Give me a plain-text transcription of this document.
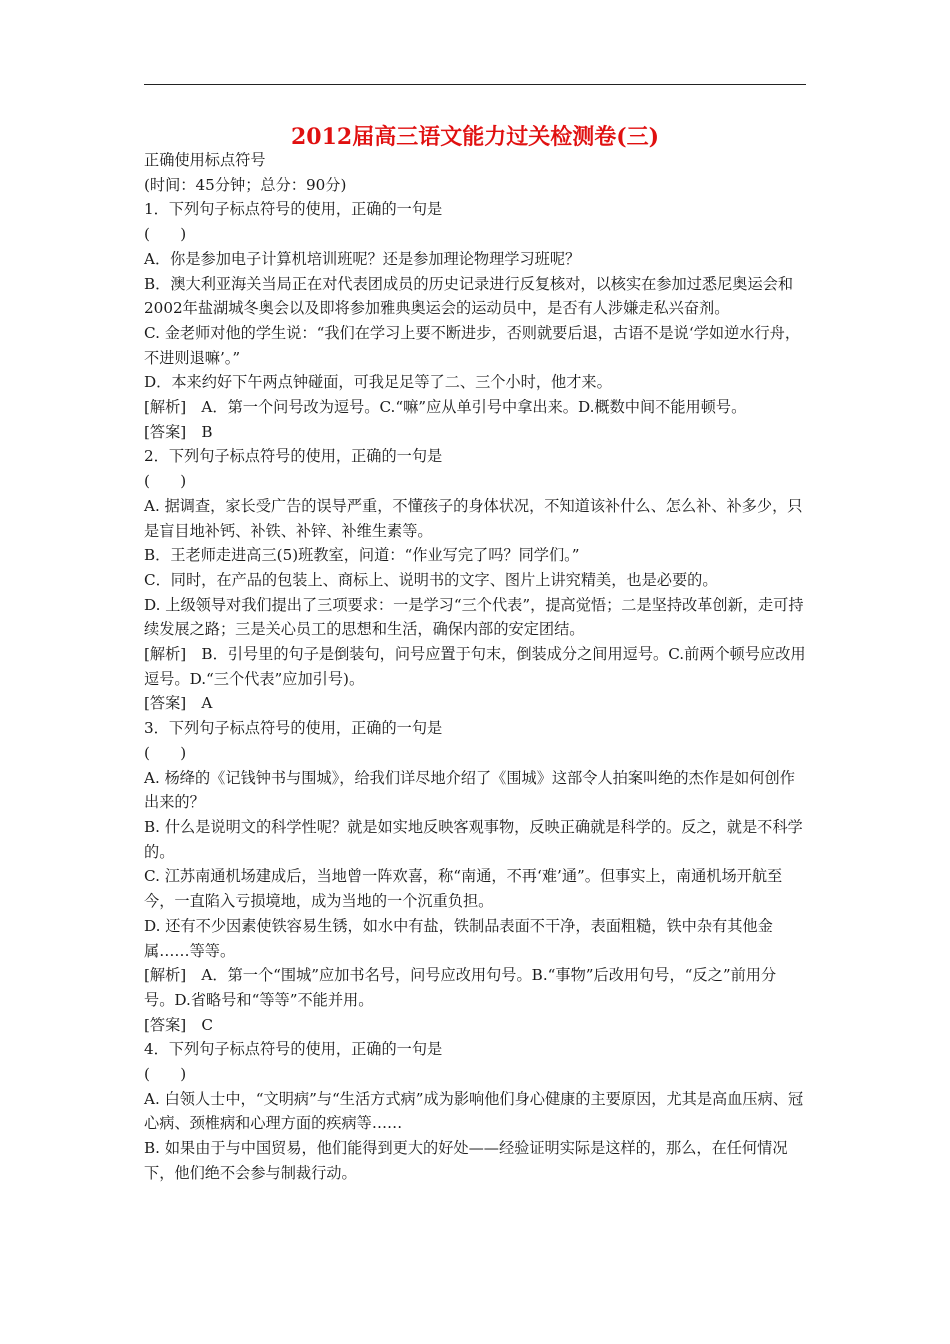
2012届高三语文能力过关检测卷(三)

正确使用标点符号

(时间：45分钟；总分：90分)

1．下列句子标点符号的使用，正确的一句是

(　　)

A．你是参加电子计算机培训班呢？还是参加理论物理学习班呢？

B．澳大利亚海关当局正在对代表团成员的历史记录进行反复核对，以核实在参加过悉尼奥运会和2002年盐湖城冬奥会以及即将参加雅典奥运会的运动员中，是否有人涉嫌走私兴奋剂。

C. 金老师对他的学生说：“我们在学习上要不断进步，否则就要后退，古语不是说‘学如逆水行舟，不进则退嘛’。”

D．本来约好下午两点钟碰面，可我足足等了二、三个小时，他才来。

[解析]　A．第一个问号改为逗号。C.“嘛”应从单引号中拿出来。D.概数中间不能用顿号。

[答案]　B

2．下列句子标点符号的使用，正确的一句是

(　　)

A. 据调查，家长受广告的误导严重，不懂孩子的身体状况，不知道该补什么、怎么补、补多少，只是盲目地补钙、补铁、补锌、补维生素等。

B．王老师走进高三(5)班教室，问道：“作业写完了吗？同学们。”

C．同时，在产品的包装上、商标上、说明书的文字、图片上讲究精美，也是必要的。

D. 上级领导对我们提出了三项要求：一是学习“三个代表”，提高觉悟；二是坚持改革创新，走可持续发展之路；三是关心员工的思想和生活，确保内部的安定团结。

[解析]　B．引号里的句子是倒装句，问号应置于句末，倒装成分之间用逗号。C.前两个顿号应改用逗号。D.“三个代表”应加引号)。

[答案]　A

3．下列句子标点符号的使用，正确的一句是

(　　)

A. 杨绛的《记钱钟书与围城》，给我们详尽地介绍了《围城》这部令人拍案叫绝的杰作是如何创作出来的？

B. 什么是说明文的科学性呢？就是如实地反映客观事物，反映正确就是科学的。反之，就是不科学的。

C. 江苏南通机场建成后，当地曾一阵欢喜，称“南通，不再‘难’通”。但事实上，南通机场开航至今，一直陷入亏损境地，成为当地的一个沉重负担。

D. 还有不少因素使铁容易生锈，如水中有盐，铁制品表面不干净，表面粗糙，铁中杂有其他金属……等等。

[解析]　A．第一个“围城”应加书名号，问号应改用句号。B.“事物”后改用句号，“反之”前用分号。D.省略号和“等等”不能并用。

[答案]　C

4．下列句子标点符号的使用，正确的一句是

(　　)

A. 白领人士中，“文明病”与“生活方式病”成为影响他们身心健康的主要原因，尤其是高血压病、冠心病、颈椎病和心理方面的疾病等……

B. 如果由于与中国贸易，他们能得到更大的好处——经验证明实际是这样的，那么，在任何情况下，他们绝不会参与制裁行动。
